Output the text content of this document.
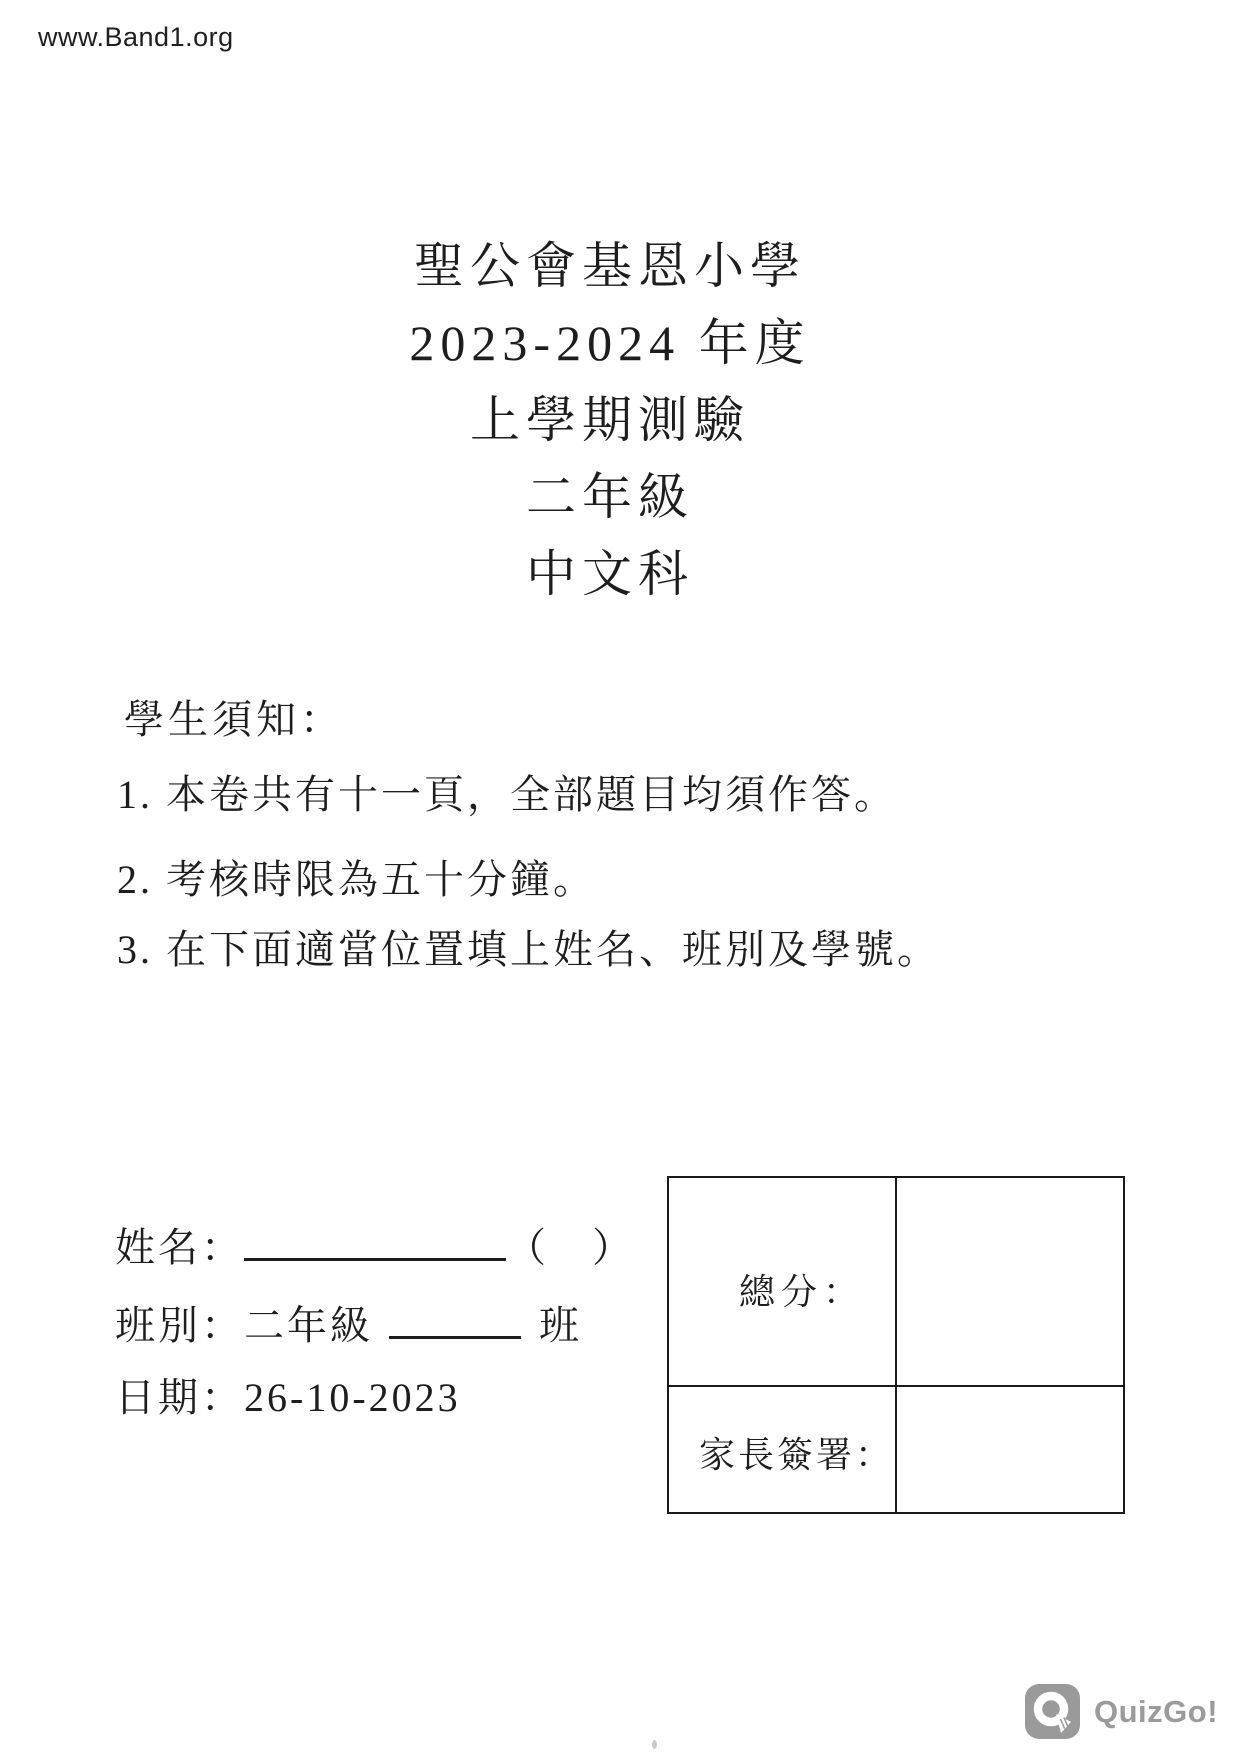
www.Band1.org
聖公會基恩小學
2023-2024 年度
上學期測驗
二年級
中文科
學生須知：
1. 本卷共有十一頁，全部題目均須作答。
2. 考核時限為五十分鐘。
3. 在下面適當位置填上姓名、班別及學號。
姓名：	（ ）
班別：二年級	班
日期：26-10-2023
總分：
家長簽署：
QuizGo!
